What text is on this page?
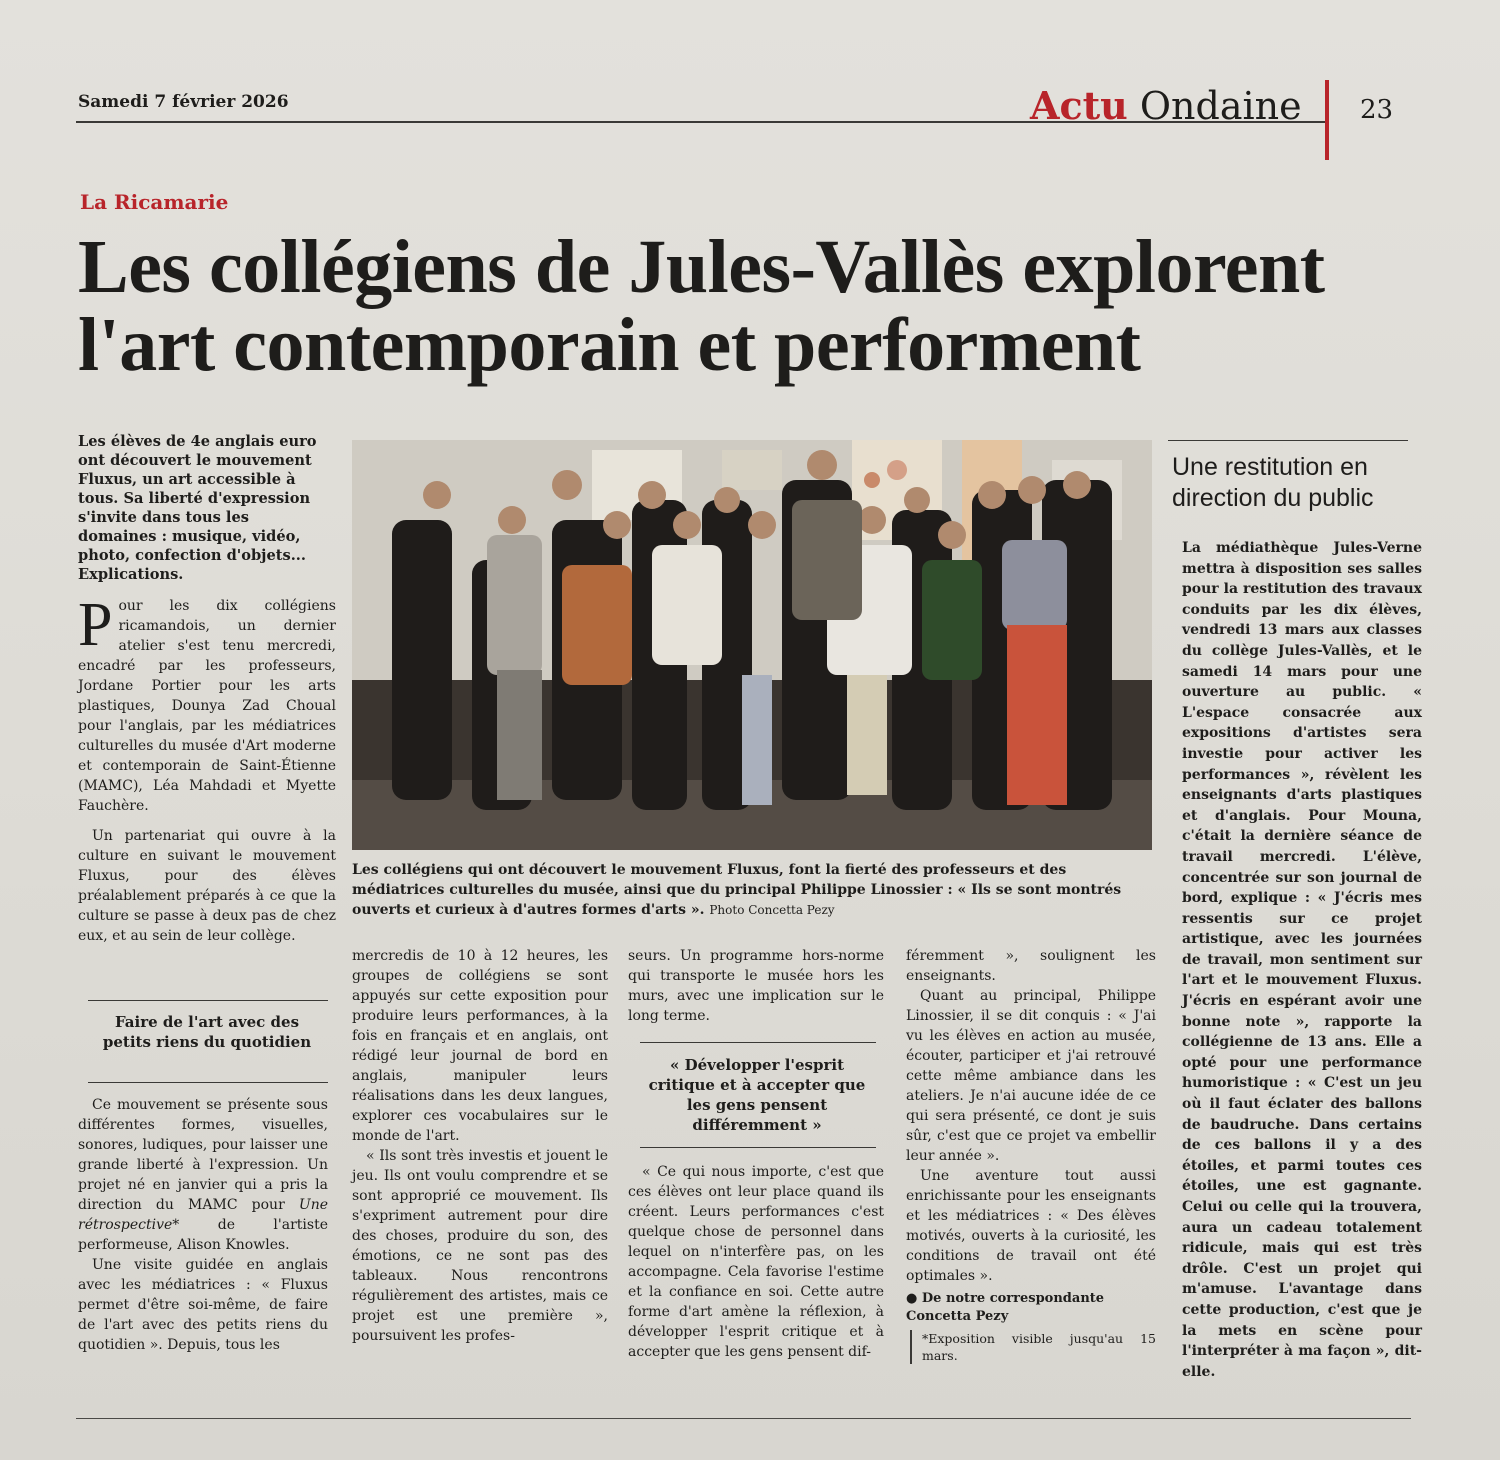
Samedi 7 février 2026	Actu Ondaine 23
La Ricamarie
Les collégiens de Jules-Vallès explorent
l'art contemporain et performent
Les élèves de 4e anglais euro ont découvert le mouvement Fluxus, un art accessible à tous. Sa liberté d'expression s'invite dans tous les domaines : musique, vidéo, photo, confection d'objets... Explications.

Pour les dix collégiens ricamandois, un dernier atelier s'est tenu mercredi, encadré par les professeurs, Jordane Portier pour les arts plastiques, Dounya Zad Choual pour l'anglais, par les médiatrices culturelles du musée d'Art moderne et contemporain de Saint-Étienne (MAMC), Léa Mahdadi et Myette Fauchère.

Un partenariat qui ouvre à la culture en suivant le mouvement Fluxus, pour des élèves préalablement préparés à ce que la culture se passe à deux pas de chez eux, et au sein de leur collège.

Faire de l'art avec des petits riens du quotidien

Ce mouvement se présente sous différentes formes, visuelles, sonores, ludiques, pour laisser une grande liberté à l'expression. Un projet né en janvier qui a pris la direction du MAMC pour Une rétrospective* de l'artiste performeuse, Alison Knowles.

Une visite guidée en anglais avec les médiatrices : « Fluxus permet d'être soi-même, de faire de l'art avec des petits riens du quotidien ». Depuis, tous les

Les collégiens qui ont découvert le mouvement Fluxus, font la fierté des professeurs et des médiatrices culturelles du musée, ainsi que du principal Philippe Linossier : « Ils se sont montrés ouverts et curieux à d'autres formes d'arts ». Photo Concetta Pezy

mercredis de 10 à 12 heures, les groupes de collégiens se sont appuyés sur cette exposition pour produire leurs performances, à la fois en français et en anglais, ont rédigé leur journal de bord en anglais, manipuler leurs réalisations dans les deux langues, explorer ces vocabulaires sur le monde de l'art.

« Ils sont très investis et jouent le jeu. Ils ont voulu comprendre et se sont approprié ce mouvement. Ils s'expriment autrement pour dire des choses, produire du son, des émotions, ce ne sont pas des tableaux. Nous rencontrons régulièrement des artistes, mais ce projet est une première », poursuivent les profes-

seurs. Un programme hors-norme qui transporte le musée hors les murs, avec une implication sur le long terme.

« Développer l'esprit critique et à accepter que les gens pensent différemment »

« Ce qui nous importe, c'est que ces élèves ont leur place quand ils créent. Leurs performances c'est quelque chose de personnel dans lequel on n'interfère pas, on les accompagne. Cela favorise l'estime et la confiance en soi. Cette autre forme d'art amène la réflexion, à développer l'esprit critique et à accepter que les gens pensent dif-

féremment », soulignent les enseignants.

Quant au principal, Philippe Linossier, il se dit conquis : « J'ai vu les élèves en action au musée, écouter, participer et j'ai retrouvé cette même ambiance dans les ateliers. Je n'ai aucune idée de ce qui sera présenté, ce dont je suis sûr, c'est que ce projet va embellir leur année ».

Une aventure tout aussi enrichissante pour les enseignants et les médiatrices : « Des élèves motivés, ouverts à la curiosité, les conditions de travail ont été optimales ».

● De notre correspondante
Concetta Pezy
*Exposition visible jusqu'au 15 mars.
Une restitution en direction du public
La médiathèque Jules-Verne mettra à disposition ses salles pour la restitution des travaux conduits par les dix élèves, vendredi 13 mars aux classes du collège Jules-Vallès, et le samedi 14 mars pour une ouverture au public. « L'espace consacrée aux expositions d'artistes sera investie pour activer les performances », révèlent les enseignants d'arts plastiques et d'anglais. Pour Mouna, c'était la dernière séance de travail mercredi. L'élève, concentrée sur son journal de bord, explique : « J'écris mes ressentis sur ce projet artistique, avec les journées de travail, mon sentiment sur l'art et le mouvement Fluxus. J'écris en espérant avoir une bonne note », rapporte la collégienne de 13 ans. Elle a opté pour une performance humoristique : « C'est un jeu où il faut éclater des ballons de baudruche. Dans certains de ces ballons il y a des étoiles, et parmi toutes ces étoiles, une est gagnante. Celui ou celle qui la trouvera, aura un cadeau totalement ridicule, mais qui est très drôle. C'est un projet qui m'amuse. L'avantage dans cette production, c'est que je la mets en scène pour l'interpréter à ma façon », dit-elle.
